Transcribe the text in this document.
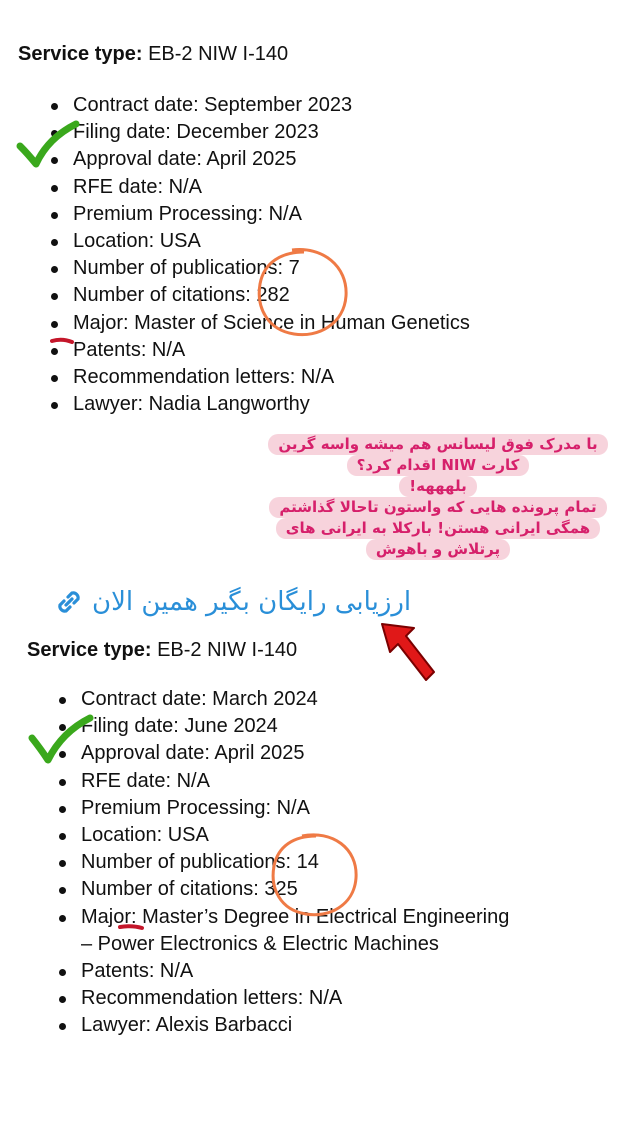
Service type: EB-2 NIW I-140
Contract date: September 2023
Filing date: December 2023
Approval date: April 2025
RFE date: N/A
Premium Processing: N/A
Location: USA
Number of publications: 7
Number of citations: 282
Major: Master of Science in Human Genetics
Patents: N/A
Recommendation letters: N/A
Lawyer: Nadia Langworthy
با مدرک فوق لیسانس هم میشه واسه گرین
کارت NIW اقدام کرد؟
بلهههه!
تمام پرونده هایی که واستون تاحالا گذاشتم
همگی ایرانی هستن! بارکلا به ایرانی های
پرتلاش و باهوش
ارزیابی رایگان بگیر همین الان
Service type: EB-2 NIW I-140
Contract date: March 2024
Filing date: June 2024
Approval date: April 2025
RFE date: N/A
Premium Processing: N/A
Location: USA
Number of publications: 14
Number of citations: 325
Major: Master’s Degree in Electrical Engineering – Power Electronics & Electric Machines
Patents: N/A
Recommendation letters: N/A
Lawyer: Alexis Barbacci
